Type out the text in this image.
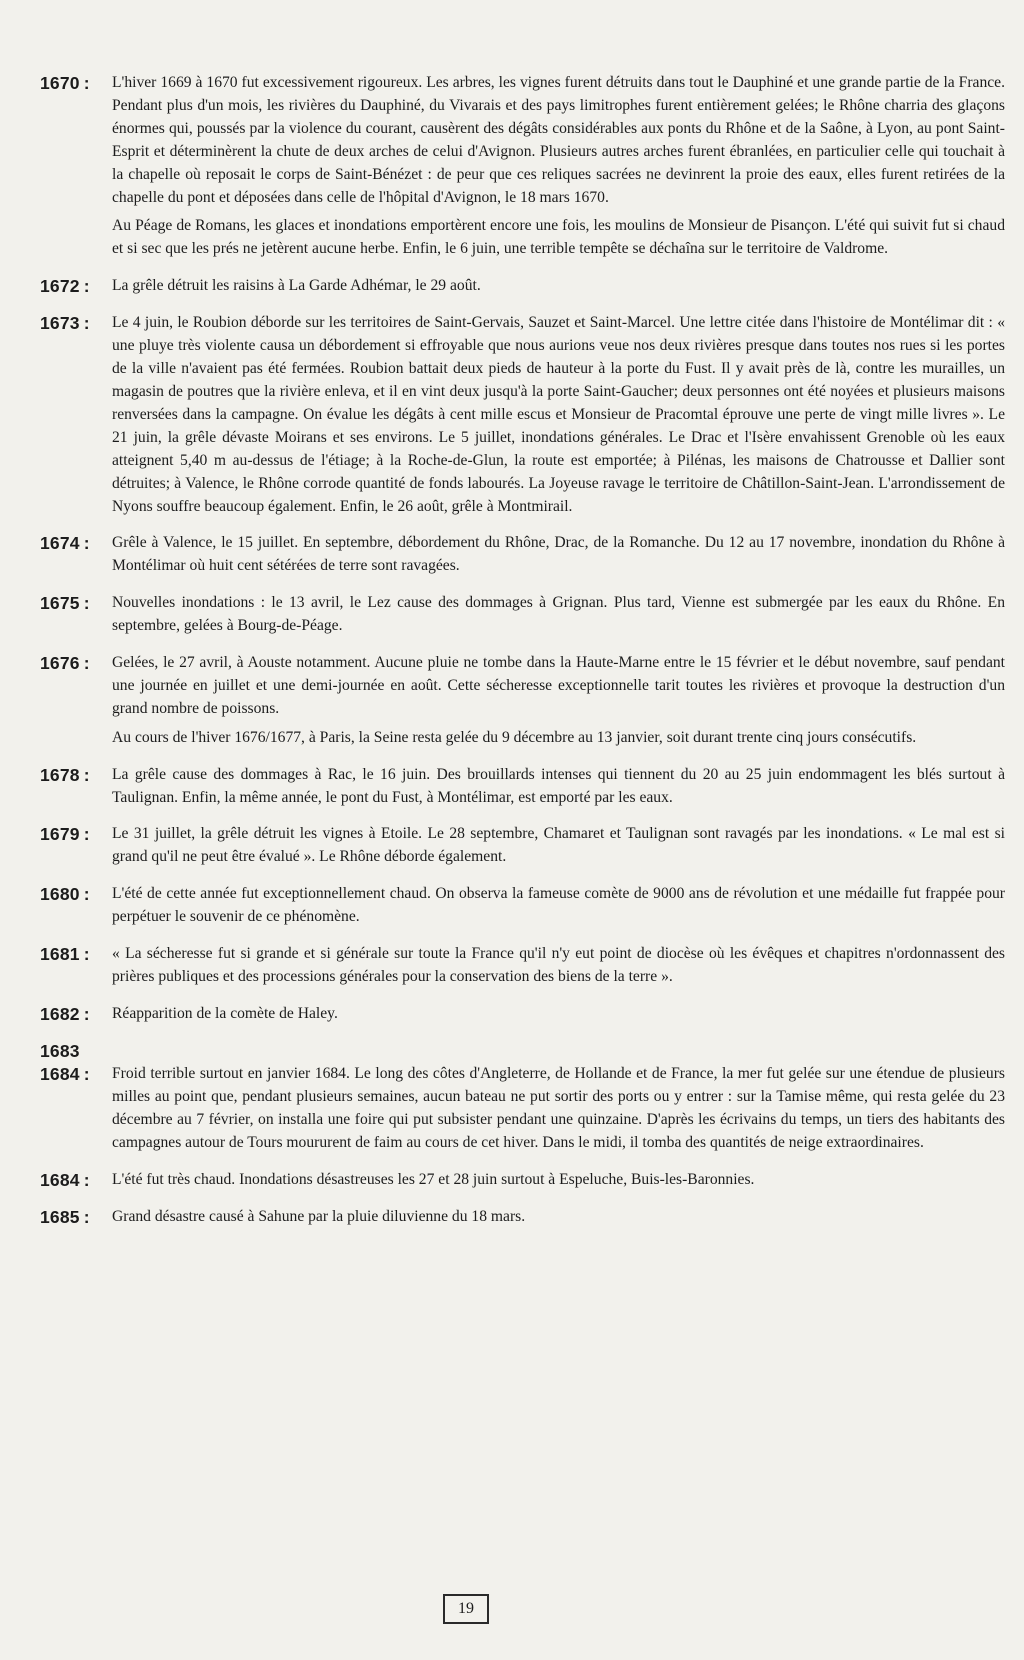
1670 :	L'hiver 1669 à 1670 fut excessivement rigoureux. Les arbres, les vignes furent détruits dans tout le Dauphiné et une grande partie de la France. Pendant plus d'un mois, les rivières du Dauphiné, du Vivarais et des pays limitrophes furent entièrement gelées; le Rhône charria des glaçons énormes qui, poussés par la violence du courant, causèrent des dégâts considérables aux ponts du Rhône et de la Saône, à Lyon, au pont Saint-Esprit et déterminèrent la chute de deux arches de celui d'Avignon. Plusieurs autres arches furent ébranlées, en particulier celle qui touchait à la chapelle où reposait le corps de Saint-Bénézet : de peur que ces reliques sacrées ne devinrent la proie des eaux, elles furent retirées de la chapelle du pont et déposées dans celle de l'hôpital d'Avignon, le 18 mars 1670.

Au Péage de Romans, les glaces et inondations emportèrent encore une fois, les moulins de Monsieur de Pisançon. L'été qui suivit fut si chaud et si sec que les prés ne jetèrent aucune herbe. Enfin, le 6 juin, une terrible tempête se déchaîna sur le territoire de Valdrome.

1672 :	La grêle détruit les raisins à La Garde Adhémar, le 29 août.

1673 :	Le 4 juin, le Roubion déborde sur les territoires de Saint-Gervais, Sauzet et Saint-Marcel. Une lettre citée dans l'histoire de Montélimar dit : « une pluye très violente causa un débordement si effroyable que nous aurions veue nos deux rivières presque dans toutes nos rues si les portes de la ville n'avaient pas été fermées. Roubion battait deux pieds de hauteur à la porte du Fust. Il y avait près de là, contre les murailles, un magasin de poutres que la rivière enleva, et il en vint deux jusqu'à la porte Saint-Gaucher; deux personnes ont été noyées et plusieurs maisons renversées dans la campagne. On évalue les dégâts à cent mille escus et Monsieur de Pracomtal éprouve une perte de vingt mille livres ». Le 21 juin, la grêle dévaste Moirans et ses environs. Le 5 juillet, inondations générales. Le Drac et l'Isère envahissent Grenoble où les eaux atteignent 5,40 m au-dessus de l'étiage; à la Roche-de-Glun, la route est emportée; à Pilénas, les maisons de Chatrousse et Dallier sont détruites; à Valence, le Rhône corrode quantité de fonds labourés. La Joyeuse ravage le territoire de Châtillon-Saint-Jean. L'arrondissement de Nyons souffre beaucoup également. Enfin, le 26 août, grêle à Montmirail.

1674 :	Grêle à Valence, le 15 juillet. En septembre, débordement du Rhône, Drac, de la Romanche. Du 12 au 17 novembre, inondation du Rhône à Montélimar où huit cent sétérées de terre sont ravagées.

1675 :	Nouvelles inondations : le 13 avril, le Lez cause des dommages à Grignan. Plus tard, Vienne est submergée par les eaux du Rhône. En septembre, gelées à Bourg-de-Péage.

1676 :	Gelées, le 27 avril, à Aouste notamment. Aucune pluie ne tombe dans la Haute-Marne entre le 15 février et le début novembre, sauf pendant une journée en juillet et une demi-journée en août. Cette sécheresse exceptionnelle tarit toutes les rivières et provoque la destruction d'un grand nombre de poissons.

Au cours de l'hiver 1676/1677, à Paris, la Seine resta gelée du 9 décembre au 13 janvier, soit durant trente cinq jours consécutifs.

1678 :	La grêle cause des dommages à Rac, le 16 juin. Des brouillards intenses qui tiennent du 20 au 25 juin endommagent les blés surtout à Taulignan. Enfin, la même année, le pont du Fust, à Montélimar, est emporté par les eaux.

1679 :	Le 31 juillet, la grêle détruit les vignes à Etoile. Le 28 septembre, Chamaret et Taulignan sont ravagés par les inondations. « Le mal est si grand qu'il ne peut être évalué ». Le Rhône déborde également.

1680 :	L'été de cette année fut exceptionnellement chaud. On observa la fameuse comète de 9000 ans de révolution et une médaille fut frappée pour perpétuer le souvenir de ce phénomène.

1681 :	« La sécheresse fut si grande et si générale sur toute la France qu'il n'y eut point de diocèse où les évêques et chapitres n'ordonnassent des prières publiques et des processions générales pour la conservation des biens de la terre ».

1682 :	Réapparition de la comète de Haley.

1683
1684 :	Froid terrible surtout en janvier 1684. Le long des côtes d'Angleterre, de Hollande et de France, la mer fut gelée sur une étendue de plusieurs milles au point que, pendant plusieurs semaines, aucun bateau ne put sortir des ports ou y entrer : sur la Tamise même, qui resta gelée du 23 décembre au 7 février, on installa une foire qui put subsister pendant une quinzaine. D'après les écrivains du temps, un tiers des habitants des campagnes autour de Tours moururent de faim au cours de cet hiver. Dans le midi, il tomba des quantités de neige extraordinaires.

1684 :	L'été fut très chaud. Inondations désastreuses les 27 et 28 juin surtout à Espeluche, Buis-les-Baronnies.

1685 :	Grand désastre causé à Sahune par la pluie diluvienne du 18 mars.

19
